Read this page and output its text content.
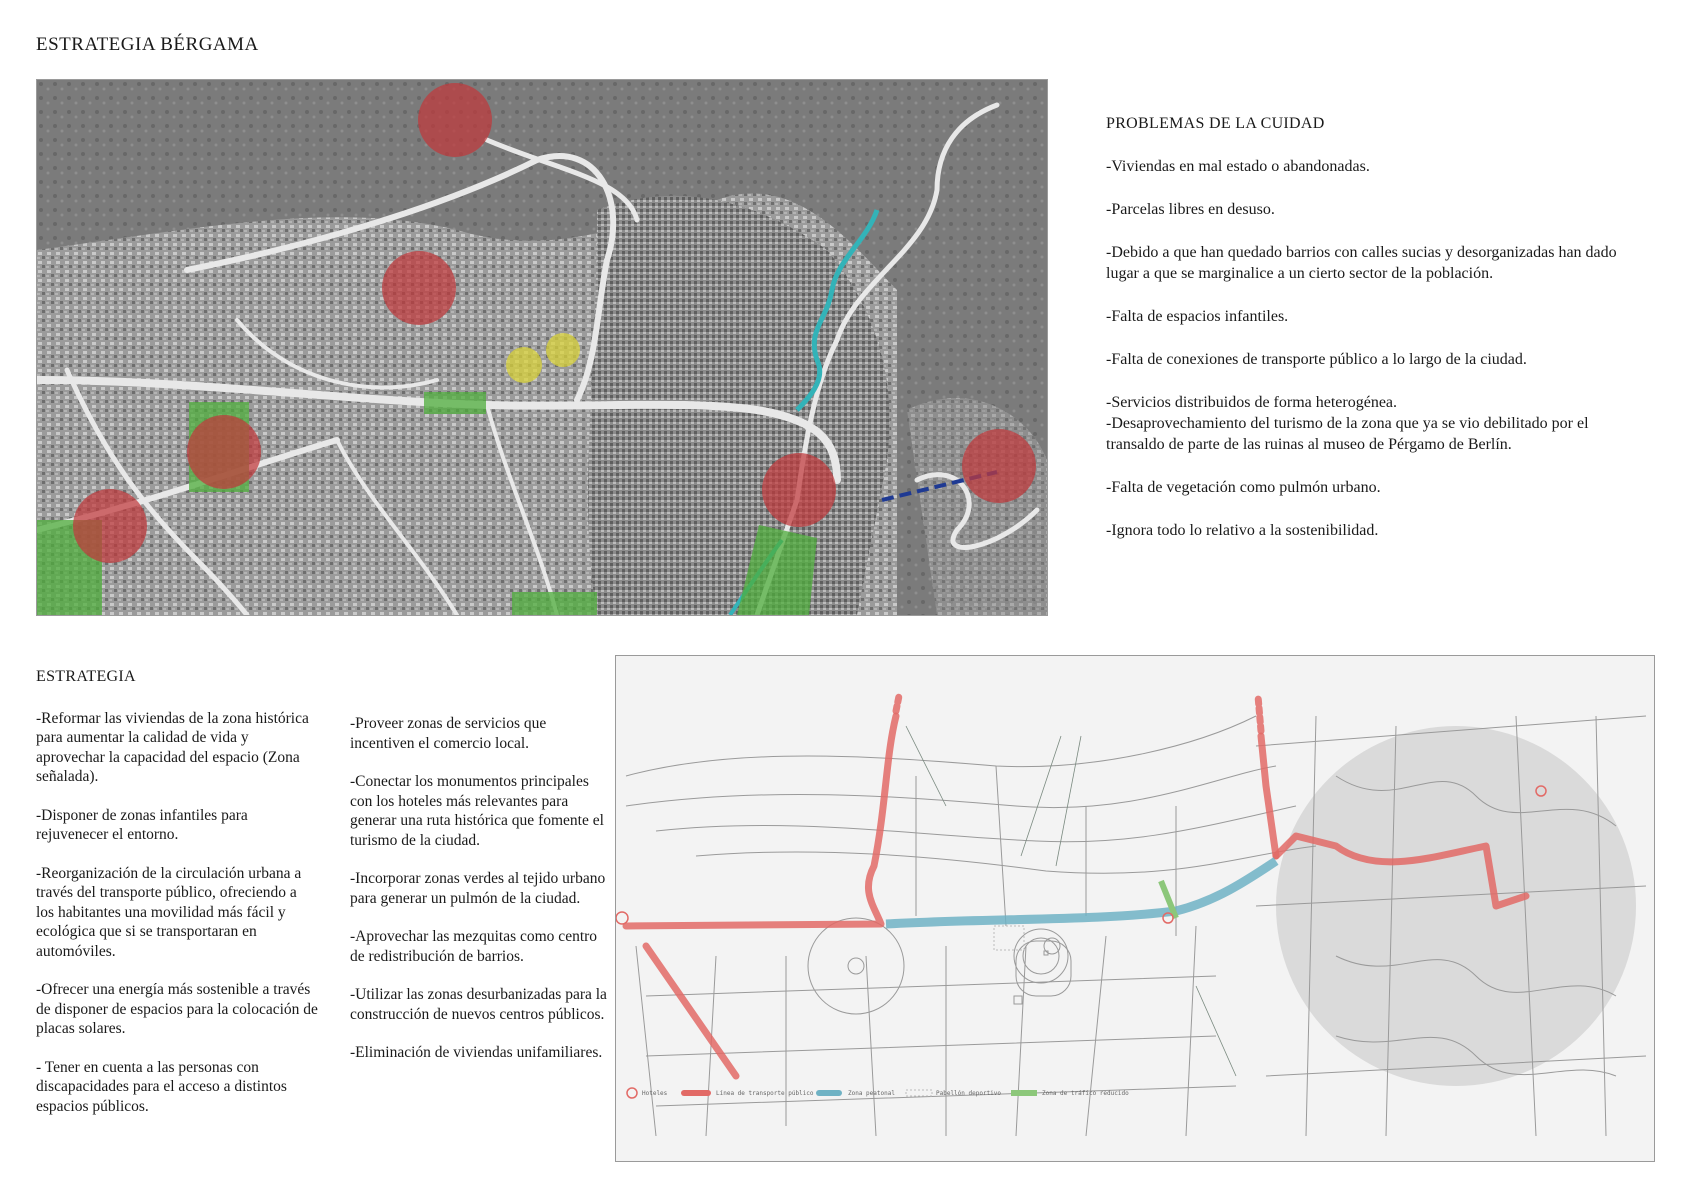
ESTRATEGIA BÉRGAMA
PROBLEMAS DE LA CUIDAD

-Viviendas en mal estado o abandonadas.

-Parcelas libres en desuso.

-Debido a que han quedado barrios con calles sucias y desorganizadas han dado lugar a que se marginalice a un cierto sector de la población.

-Falta de espacios infantiles.

-Falta de conexiones de transporte público a lo largo de la ciudad.

-Servicios distribuidos de forma heterogénea.

-Desaprovechamiento del turismo de la zona que ya se vio debilitado por el transaldo de parte de las ruinas al museo de Pérgamo de Berlín.

-Falta de vegetación como pulmón urbano.

-Ignora todo lo relativo a la sostenibilidad.

ESTRATEGIA

-Reformar las viviendas de la zona histórica para aumentar la calidad de vida y aprovechar la capacidad del espacio (Zona señalada).

-Disponer de zonas infantiles para rejuvenecer el entorno.

-Reorganización de la circulación urbana a través del transporte público, ofreciendo a los habitantes una movilidad más fácil y ecológica que si se transportaran en automóviles.

-Ofrecer una energía más sostenible a través de disponer de espacios para la colocación de placas solares.

- Tener en cuenta a las personas con discapacidades para el acceso a distintos espacios públicos.

-Proveer zonas de servicios que incentiven el comercio local.

-Conectar los monumentos principales con los hoteles más relevantes para generar una ruta histórica que fomente el turismo de la ciudad.

-Incorporar zonas verdes al tejido urbano para generar un pulmón de la ciudad.

-Aprovechar las mezquitas como centro de redistribución de barrios.

-Utilizar las zonas desurbanizadas para la construcción de nuevos centros públicos.

-Eliminación de viviendas unifamiliares.

Hoteles	Línea de transporte público	Zona peatonal	Pabellón deportivo	Zona de tráfico reducido
